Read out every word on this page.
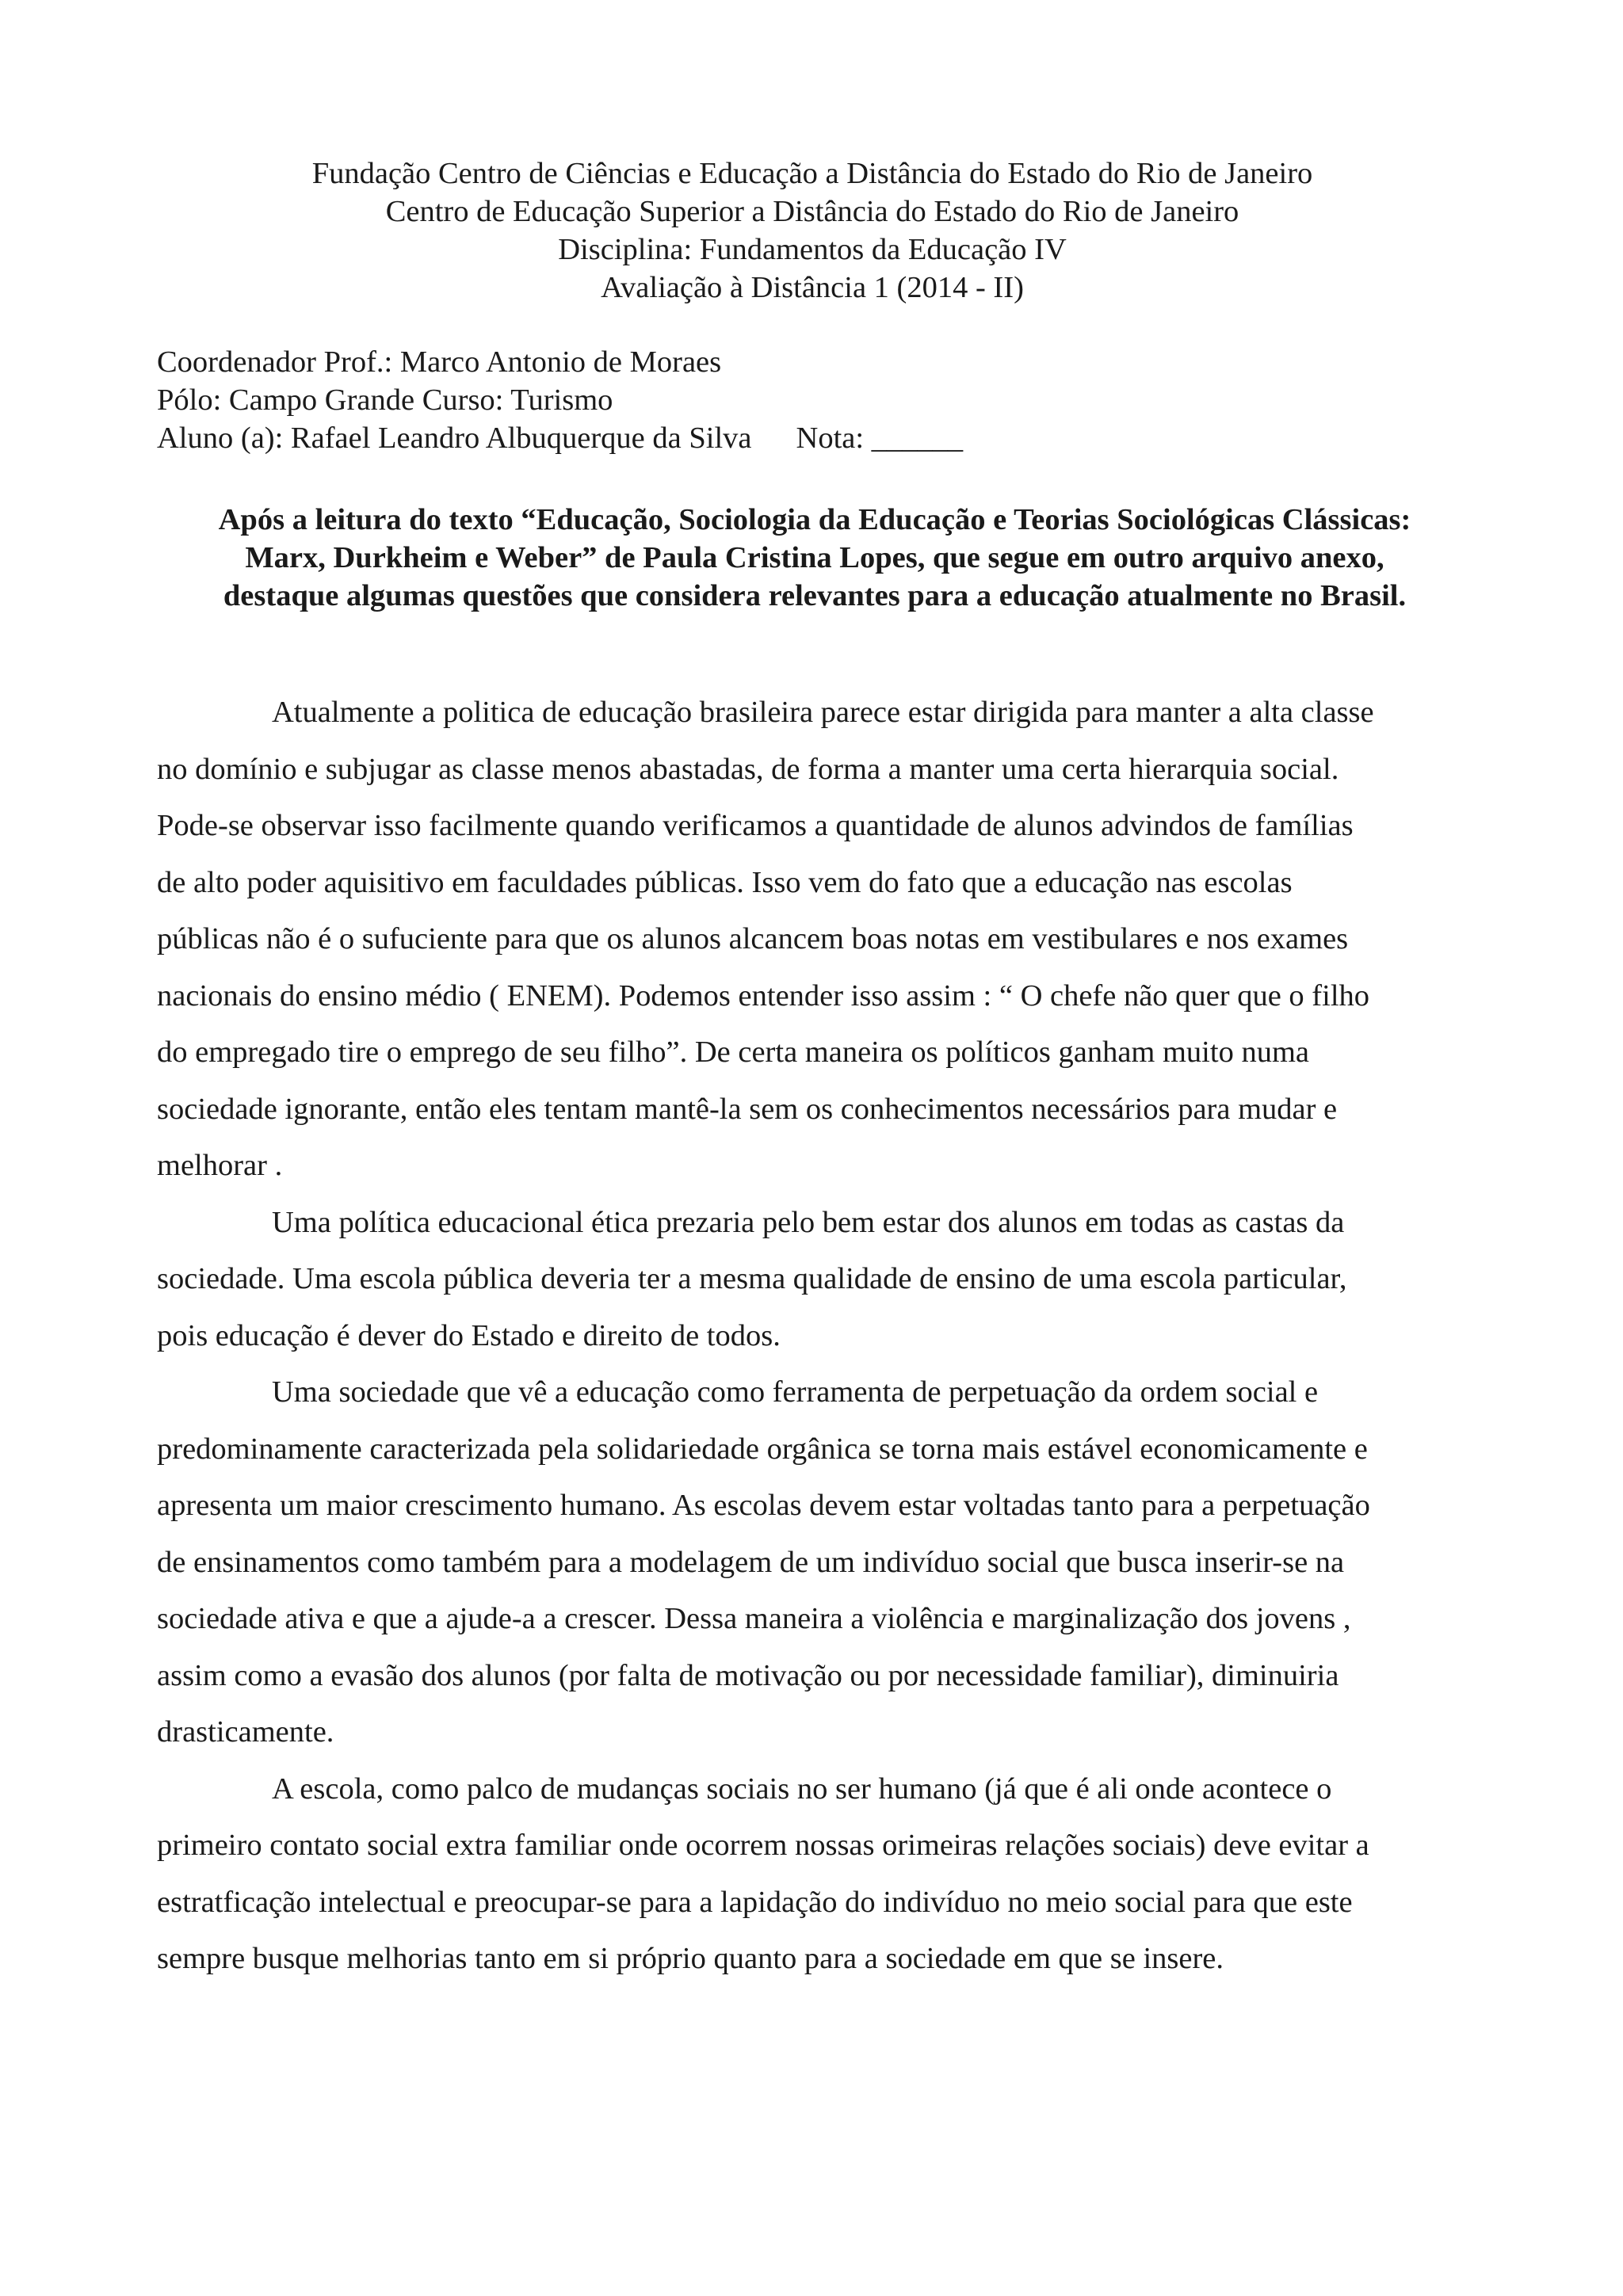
Fundação Centro de Ciências e Educação a Distância do Estado do Rio de Janeiro
Centro de Educação Superior a Distância do Estado do Rio de Janeiro
Disciplina: Fundamentos da Educação IV
Avaliação à Distância 1 (2014 - II)
Coordenador Prof.: Marco Antonio de Moraes
Pólo: Campo Grande Curso: Turismo
Aluno (a): Rafael Leandro Albuquerque da Silva Nota: ______
Após a leitura do texto “Educação, Sociologia da Educação e Teorias Sociológicas Clássicas:
Marx, Durkheim e Weber” de Paula Cristina Lopes, que segue em outro arquivo anexo,
destaque algumas questões que considera relevantes para a educação atualmente no Brasil.
Atualmente a politica de educação brasileira parece estar dirigida para manter a alta classe
no domínio e subjugar as classe menos abastadas, de forma a manter uma certa hierarquia social.
Pode-se observar isso facilmente quando verificamos a quantidade de alunos advindos de famílias
de alto poder aquisitivo em faculdades públicas. Isso vem do fato que a educação nas escolas
públicas não é o sufuciente para que os alunos alcancem boas notas em vestibulares e nos exames
nacionais do ensino médio ( ENEM). Podemos entender isso assim : “ O chefe não quer que o filho
do empregado tire o emprego de seu filho”. De certa maneira os políticos ganham muito numa
sociedade ignorante, então eles tentam mantê-la sem os conhecimentos necessários para mudar e
melhorar .
Uma política educacional ética prezaria pelo bem estar dos alunos em todas as castas da
sociedade. Uma escola pública deveria ter a mesma qualidade de ensino de uma escola particular,
pois educação é dever do Estado e direito de todos.
Uma sociedade que vê a educação como ferramenta de perpetuação da ordem social e
predominamente caracterizada pela solidariedade orgânica se torna mais estável economicamente e
apresenta um maior crescimento humano. As escolas devem estar voltadas tanto para a perpetuação
de ensinamentos como também para a modelagem de um indivíduo social que busca inserir-se na
sociedade ativa e que a ajude-a a crescer. Dessa maneira a violência e marginalização dos jovens ,
assim como a evasão dos alunos (por falta de motivação ou por necessidade familiar), diminuiria
drasticamente.
A escola, como palco de mudanças sociais no ser humano (já que é ali onde acontece o
primeiro contato social extra familiar onde ocorrem nossas orimeiras relações sociais) deve evitar a
estratficação intelectual e preocupar-se para a lapidação do indivíduo no meio social para que este
sempre busque melhorias tanto em si próprio quanto para a sociedade em que se insere.
